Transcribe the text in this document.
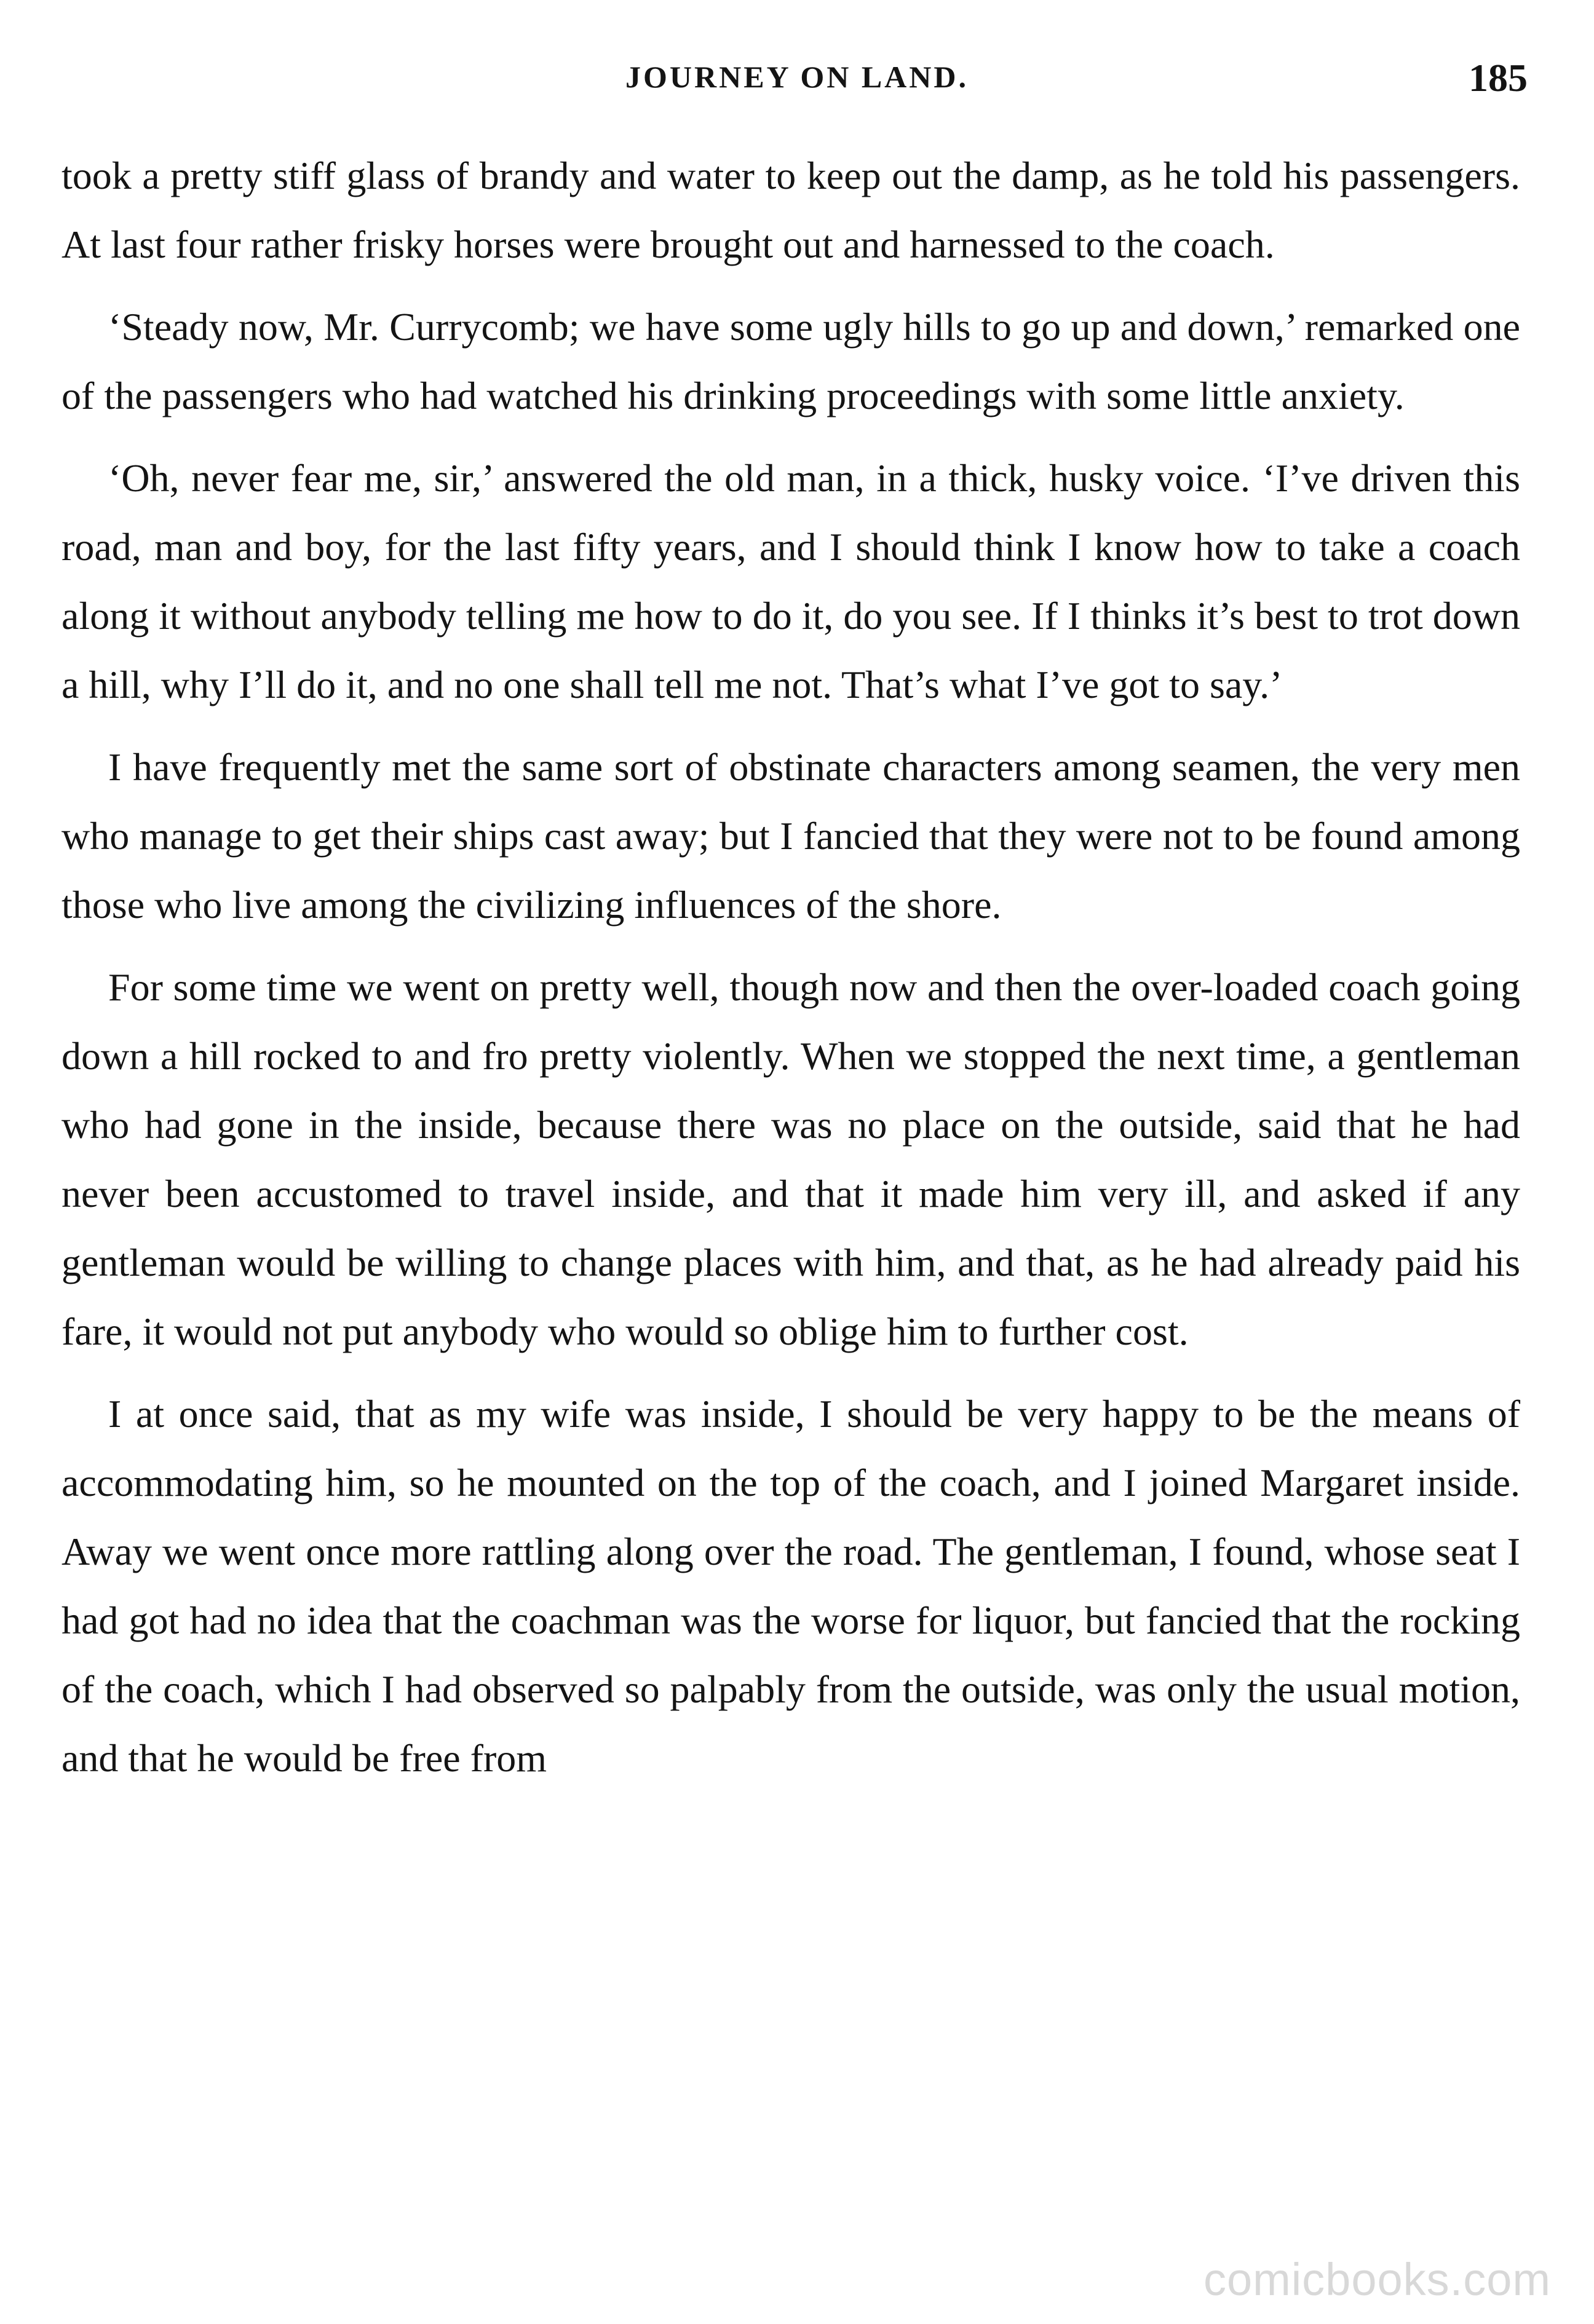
JOURNEY ON LAND.	185

took a pretty stiff glass of brandy and water to keep out the damp, as he told his passengers. At last four rather frisky horses were brought out and harnessed to the coach.

‘Steady now, Mr. Currycomb; we have some ugly hills to go up and down,’ remarked one of the passengers who had watched his drinking proceedings with some little anxiety.

‘Oh, never fear me, sir,’ answered the old man, in a thick, husky voice. ‘I’ve driven this road, man and boy, for the last fifty years, and I should think I know how to take a coach along it without anybody telling me how to do it, do you see. If I thinks it’s best to trot down a hill, why I’ll do it, and no one shall tell me not. That’s what I’ve got to say.’

I have frequently met the same sort of obstinate characters among seamen, the very men who manage to get their ships cast away; but I fancied that they were not to be found among those who live among the civilizing influences of the shore.

For some time we went on pretty well, though now and then the over-loaded coach going down a hill rocked to and fro pretty violently. When we stopped the next time, a gentleman who had gone in the inside, because there was no place on the outside, said that he had never been accustomed to travel inside, and that it made him very ill, and asked if any gentleman would be willing to change places with him, and that, as he had already paid his fare, it would not put anybody who would so oblige him to further cost.

I at once said, that as my wife was inside, I should be very happy to be the means of accommodating him, so he mounted on the top of the coach, and I joined Margaret inside. Away we went once more rattling along over the road. The gentleman, I found, whose seat I had got had no idea that the coachman was the worse for liquor, but fancied that the rocking of the coach, which I had observed so palpably from the outside, was only the usual motion, and that he would be free from

comicbooks.com
